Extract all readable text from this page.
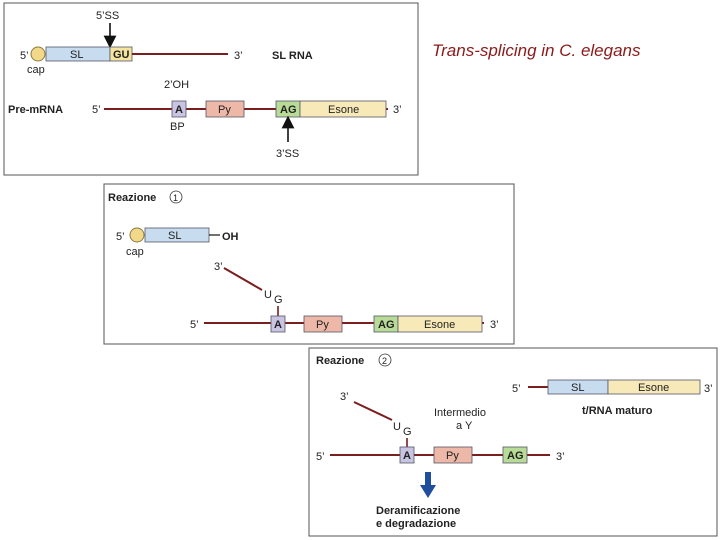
Trans-splicing in C. elegans
5’SS
5’
cap
SL	GU	3’	SL RNA
2’OH
Pre-mRNA	5’	A
BP
Py	AG	Esone	3’
3’SS
Reazione 1
5’
cap
SL	OH
3’
U G
5’	A	Py	AG	Esone	3’
Reazione 2
5’	SL	Esone	3’
t/RNA maturo
3’
U G
Intermedio
a Y
5’	A	Py	AG	3’
Deramificazione
e degradazione
